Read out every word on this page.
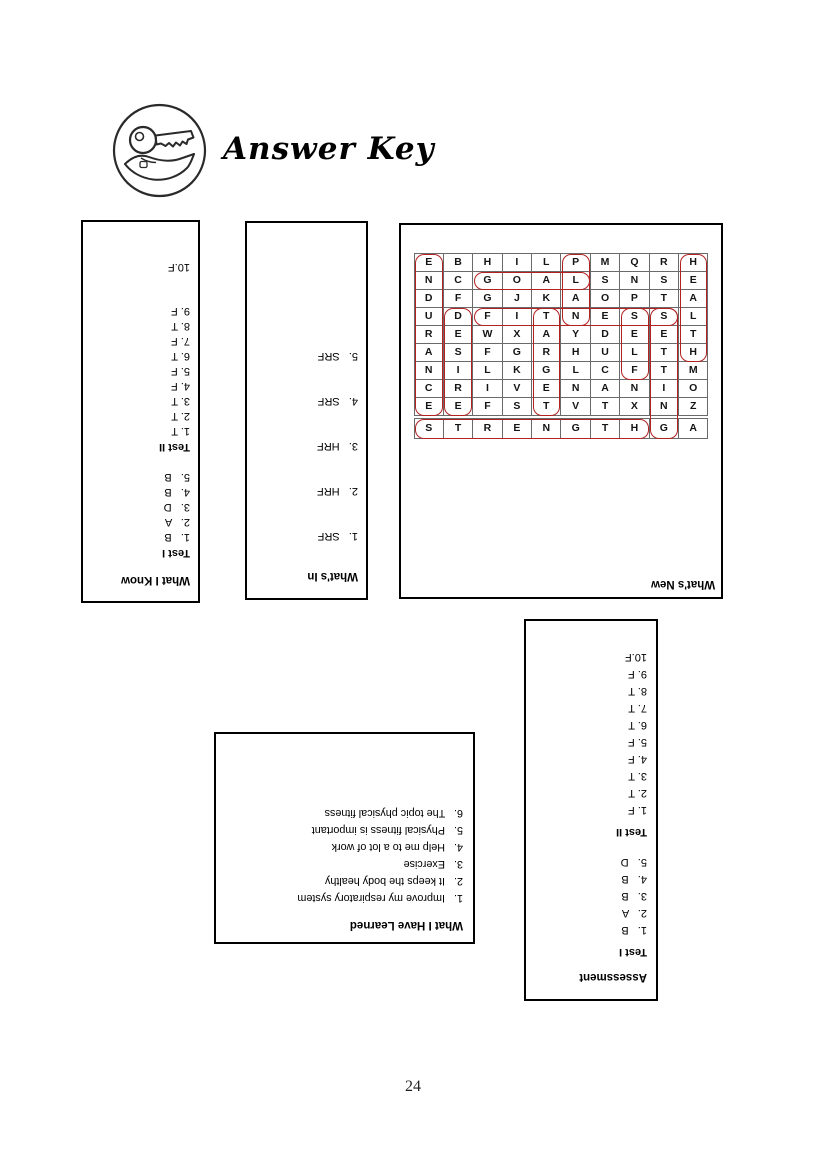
Answer Key
What I Know
Test I
1.   B
2.   A
3.   D
4.   B
5.   B
Test II
1. T
2. T
3. T
4. F
5. F
6. T
7. F
8. T
9. F
10.F
What's In
1.   SRF
2.   HRF
3.   HRF
4.   SRF
5.   SRF
E	B	H	I	L	P	M	Q	R	H
N	C	G	O	A	L	S	N	S	E
D	F	G	J	K	A	O	P	T	A
U	D	F	I	T	N	E	S	S	L
R	E	W	X	A	Y	D	E	E	T
A	S	F	G	R	H	U	L	T	H
N	I	L	K	G	L	C	F	T	M
C	R	I	V	E	N	A	N	I	O
E	E	F	S	T	V	T	X	N	Z

S	T	R	E	N	G	T	H	G	A
What's New
Assessment
Test I
1.   B
2.   A
3.   B
4.   B
5.   D
Test II
1. F
2. T
3. T
4. F
5. F
6. T
7. T
8. T
9. F
10.F
What I Have Learned
1.   Improve my respiratory system
2.   It keeps the body healthy
3.   Exercise
4.   Help me to a lot of work
5.   Physical fitness is important
6.   The topic physical fitness
24
